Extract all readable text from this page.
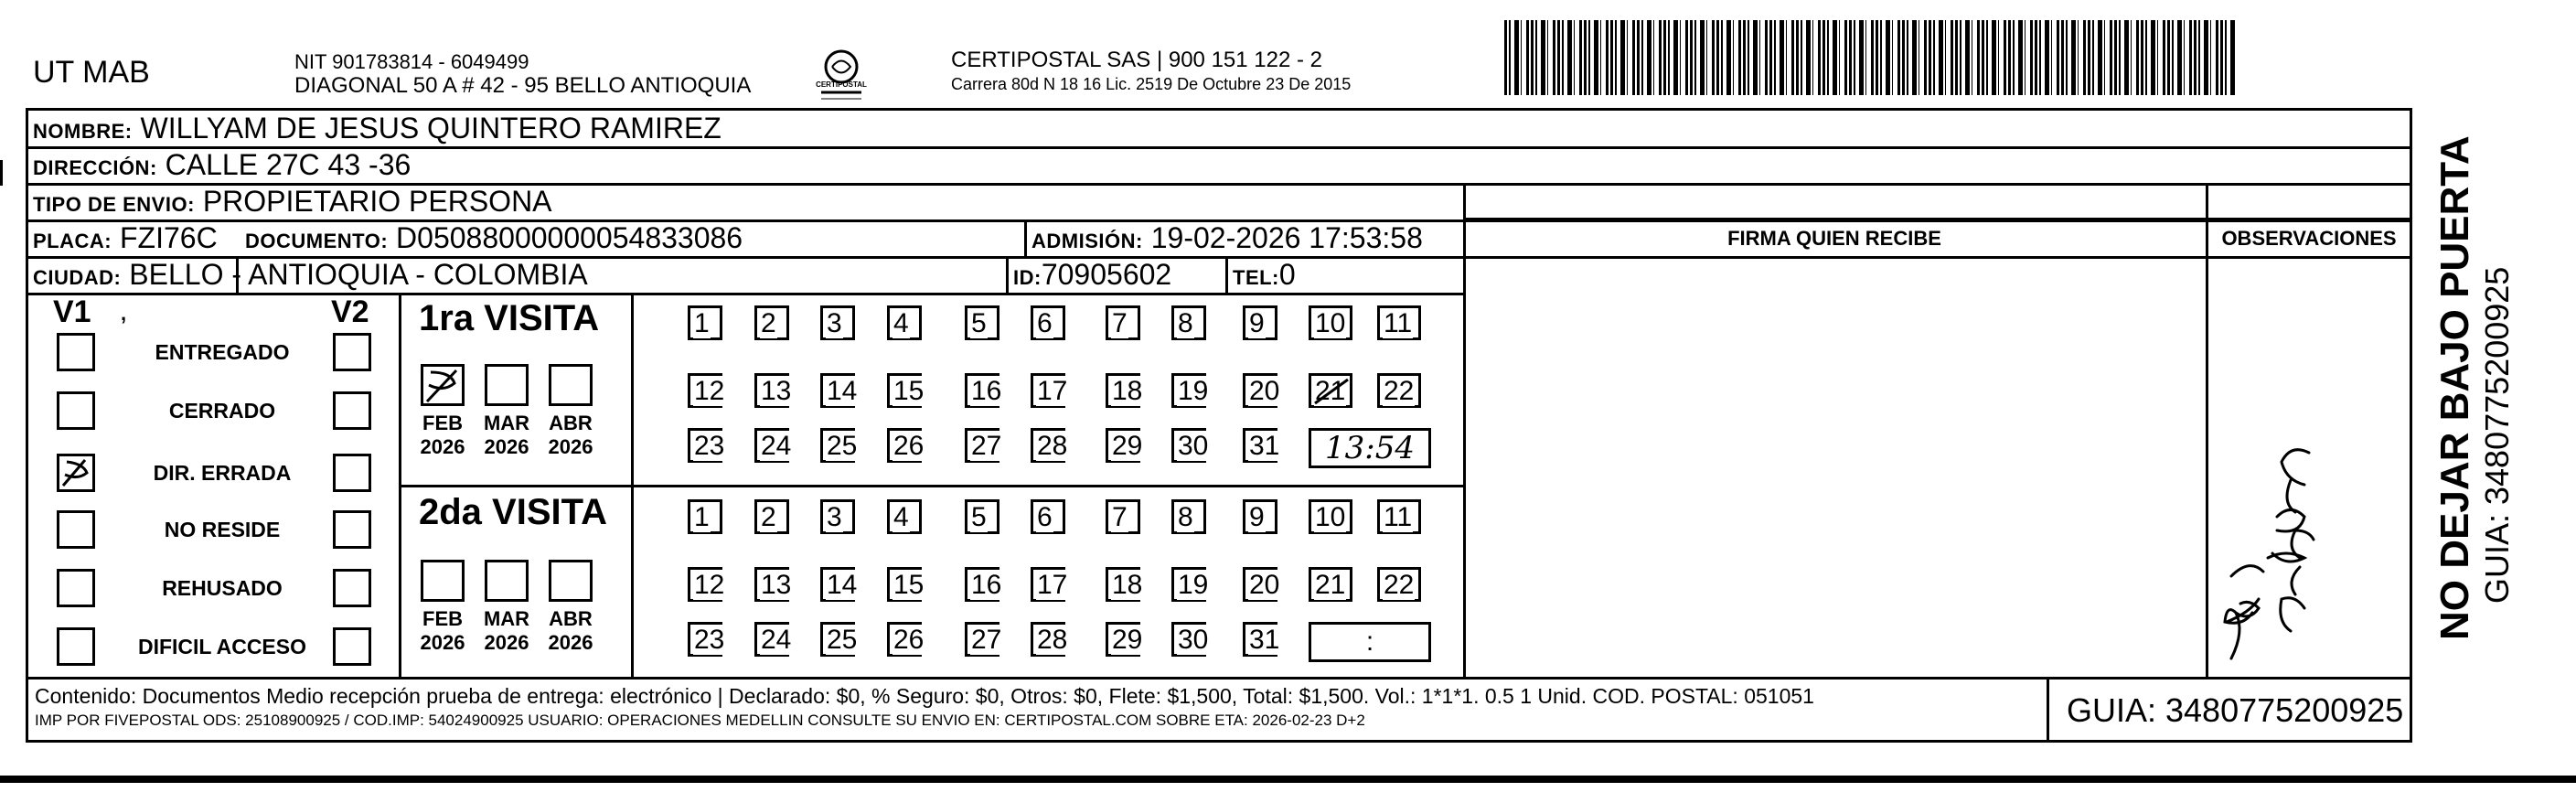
UT MAB	NIT 901783814 - 6049499
DIAGONAL 50 A # 42 - 95 BELLO ANTIOQUIA	CERTIPOSTAL
CERTIPOSTAL SAS | 900 151 122 - 2
Carrera 80d N 18 16 Lic. 2519 De Octubre 23 De 2015
NOMBRE: WILLYAM DE JESUS QUINTERO RAMIREZ
DIRECCIÓN: CALLE 27C 43 -36
TIPO DE ENVIO: PROPIETARIO PERSONA
PLACA: FZI76C DOCUMENTO: D05088000000054833086	ADMISIÓN: 19-02-2026 17:53:58
CIUDAD: BELLO - ANTIOQUIA - COLOMBIA	ID:70905602	TEL:0
FIRMA QUIEN RECIBE	OBSERVACIONES
V1 ,	V2
ENTREGADO
CERRADO
DIR. ERRADA
NO RESIDE
REHUSADO
DIFICIL ACCESO
1ra VISITA
FEB
2026
MAR
2026
ABR
2026
1	2	3	4	5	6	7	8	9	10 11
12 13 14 15 16 17 18 19 20 21 22
23 24 25 26 27 28 29 30 31	13:54
2da VISITA
FEB
2026
MAR
2026
ABR
2026
1	2	3	4	5	6	7	8	9	10 11
12 13 14 15 16 17 18 19 20 21 22
23 24 25 26 27 28 29 30 31	:
Contenido: Documentos Medio recepción prueba de entrega: electrónico | Declarado: $0, % Seguro: $0, Otros: $0, Flete: $1,500, Total: $1,500. Vol.: 1*1*1. 0.5 1 Unid. COD. POSTAL: 051051
IMP POR FIVEPOSTAL ODS: 25108900925 / COD.IMP: 54024900925 USUARIO: OPERACIONES MEDELLIN CONSULTE SU ENVIO EN: CERTIPOSTAL.COM SOBRE ETA: 2026-02-23 D+2	GUIA: 3480775200925
NO DEJAR BAJO PUERTA GUIA: 3480775200925
